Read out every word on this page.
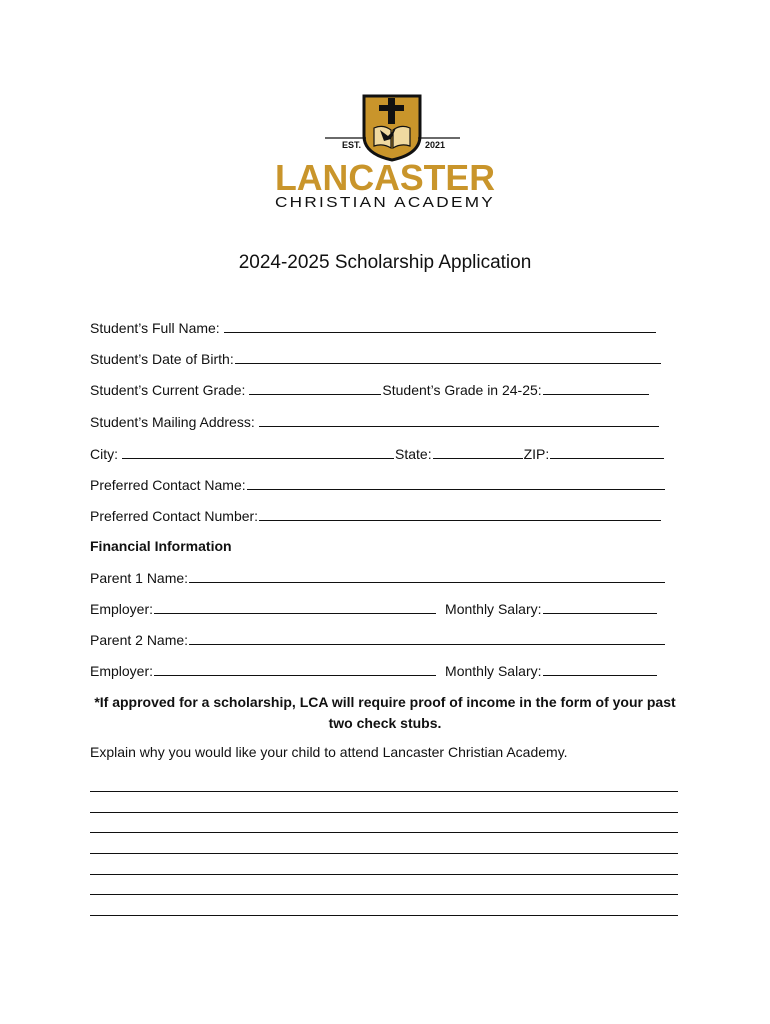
EST.	2021
LANCASTER
CHRISTIAN ACADEMY
2024-2025 Scholarship Application
Student’s Full Name:
Student’s Date of Birth:
Student’s Current Grade:	Student’s Grade in 24-25:
Student’s Mailing Address:
City:	State:	ZIP:
Preferred Contact Name:
Preferred Contact Number:
Financial Information
Parent 1 Name:
Employer:	Monthly Salary:
Parent 2 Name:
Employer:	Monthly Salary:
*If approved for a scholarship, LCA will require proof of income in the form of your past two check stubs.
Explain why you would like your child to attend Lancaster Christian Academy.
